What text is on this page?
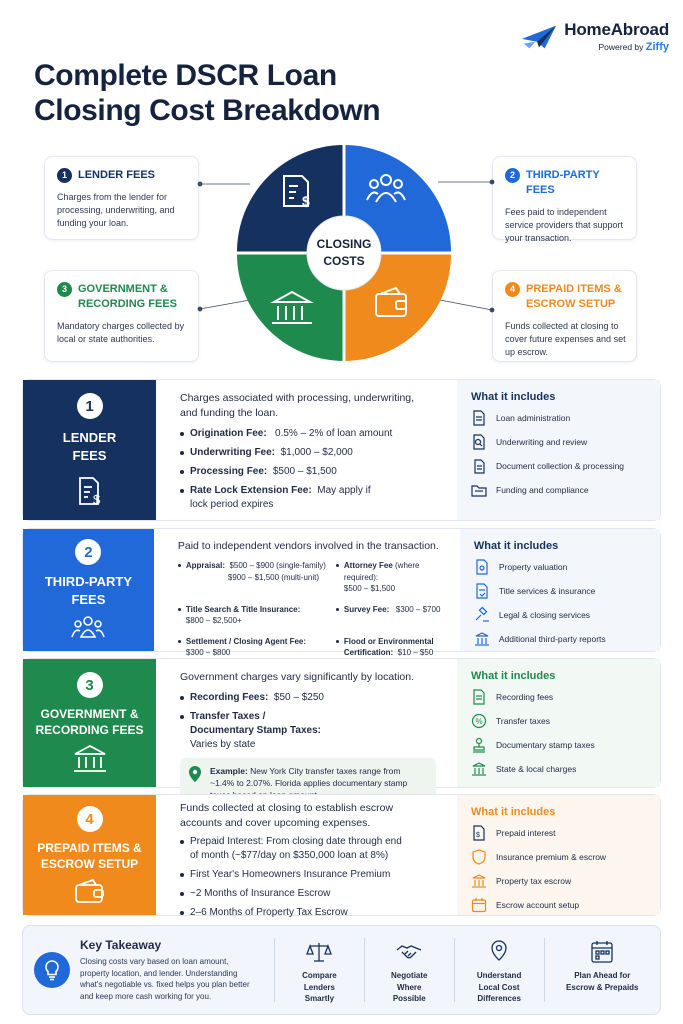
HomeAbroad
Powered by Ziffy
Complete DSCR Loan
Closing Cost Breakdown
1	LENDER FEES
Charges from the lender for processing, underwriting, and funding your loan.
2	THIRD-PARTY FEES
Fees paid to independent service providers that support your transaction.
3	GOVERNMENT &
RECORDING FEES
Mandatory charges collected by local or state authorities.
4	PREPAID ITEMS &
ESCROW SETUP
Funds collected at closing to cover future expenses and set up escrow.
CLOSING
COSTS
$
1
LENDER
FEES
$
Charges associated with processing, underwriting, and funding the loan.
Origination Fee: 0.5% – 2% of loan amount
Underwriting Fee: $1,000 – $2,000
Processing Fee: $500 – $1,500
Rate Lock Extension Fee: May apply if lock period expires
What it includes
Loan administration
Underwriting and review
Document collection & processing
Funding and compliance
2
THIRD-PARTY
FEES
Paid to independent vendors involved in the transaction.
Appraisal: $500 – $900 (single-family)
$900 – $1,500 (multi-unit)
Attorney Fee (where required):
$500 – $1,500
Title Search & Title Insurance:
$800 – $2,500+
Survey Fee: $300 – $700
Settlement / Closing Agent Fee:
$300 – $800
Flood or Environmental Certification: $10 – $50
What it includes
Property valuation
Title services & insurance
Legal & closing services
Additional third-party reports
3
GOVERNMENT &
RECORDING FEES
Government charges vary significantly by location.
Recording Fees: $50 – $250
Transfer Taxes / Documentary Stamp Taxes:  Varies by state
Example: New York City transfer taxes range from ~1.4% to 2.07%. Florida applies documentary stamp
What it includes
Recording fees
% Transfer taxes
Documentary stamp taxes
State & local charges
4
PREPAID ITEMS &
ESCROW SETUP
Funds collected at closing to establish escrow accounts and cover upcoming expenses.
Prepaid Interest: From closing date through end of month (~$77/day on $350,000 loan at 8%)
First Year's Homeowners Insurance Premium
~2 Months of Insurance Escrow
2–6 Months of Property Tax Escrow
What it includes
$ Prepaid interest
Insurance premium & escrow
Property tax escrow
Escrow account setup
Key Takeaway
Closing costs vary based on loan amount, property location, and lender. Understanding what's negotiable vs. fixed helps you plan better and keep more cash working for you.
Compare
Lenders
Smartly
Negotiate
Where
Possible
Understand
Local Cost
Differences
Plan Ahead for
Escrow & Prepaids
